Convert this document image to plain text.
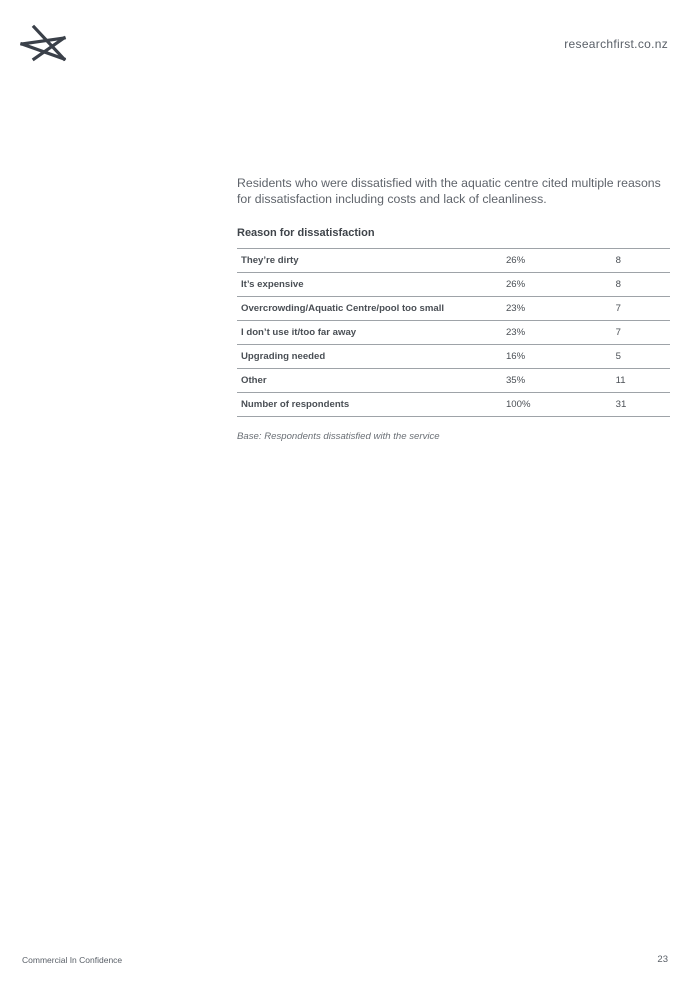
researchfirst.co.nz
Residents who were dissatisfied with the aquatic centre cited multiple reasons for dissatisfaction including costs and lack of cleanliness.
Reason for dissatisfaction
They’re dirty	26%	8
It’s expensive	26%	8
Overcrowding/Aquatic Centre/pool too small	23%	7
I don’t use it/too far away	23%	7
Upgrading needed	16%	5
Other	35%	11
Number of respondents	100%	31
Base: Respondents dissatisfied with the service
Commercial In Confidence	23
